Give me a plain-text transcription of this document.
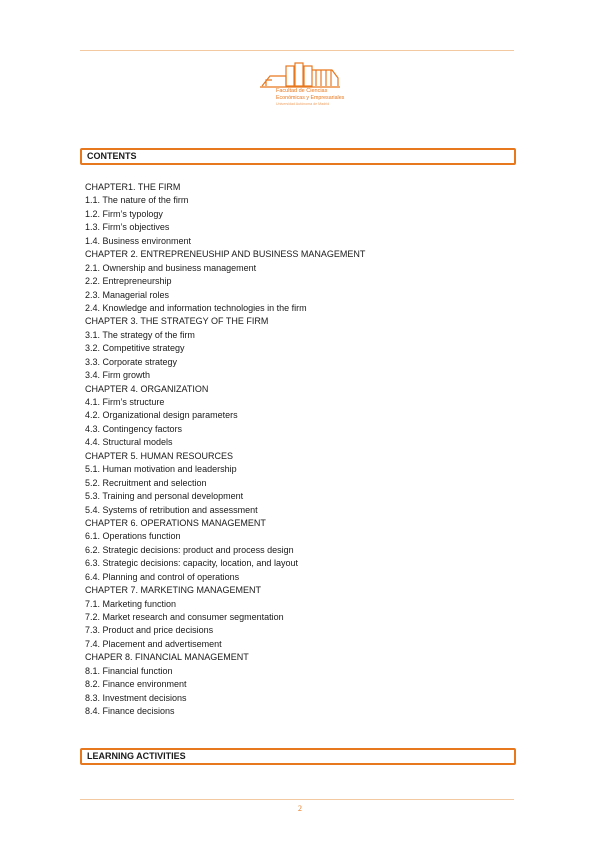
Facultad de Ciencias
Económicas y Empresariales
Universidad Autónoma de Madrid
CONTENTS
CHAPTER1. THE FIRM
1.1. The nature of the firm
1.2. Firm’s typology
1.3. Firm’s objectives
1.4. Business environment
CHAPTER 2. ENTREPRENEUSHIP AND BUSINESS MANAGEMENT
2.1. Ownership and business management
2.2. Entrepreneurship
2.3. Managerial roles
2.4. Knowledge and information technologies in the firm
CHAPTER 3. THE STRATEGY OF THE FIRM
3.1. The strategy of the firm
3.2. Competitive strategy
3.3. Corporate strategy
3.4. Firm growth
CHAPTER 4. ORGANIZATION
4.1. Firm’s structure
4.2. Organizational design parameters
4.3. Contingency factors
4.4. Structural models
CHAPTER 5. HUMAN RESOURCES
5.1. Human motivation and leadership
5.2. Recruitment and selection
5.3. Training and personal development
5.4. Systems of retribution and assessment
CHAPTER 6. OPERATIONS MANAGEMENT
6.1. Operations function
6.2. Strategic decisions: product and process design
6.3. Strategic decisions: capacity, location, and layout
6.4. Planning and control of operations
CHAPTER 7. MARKETING MANAGEMENT
7.1. Marketing function
7.2. Market research and consumer segmentation
7.3. Product and price decisions
7.4. Placement and advertisement
CHAPER 8. FINANCIAL MANAGEMENT
8.1. Financial function
8.2. Finance environment
8.3. Investment decisions
8.4. Finance decisions
LEARNING ACTIVITIES
2
